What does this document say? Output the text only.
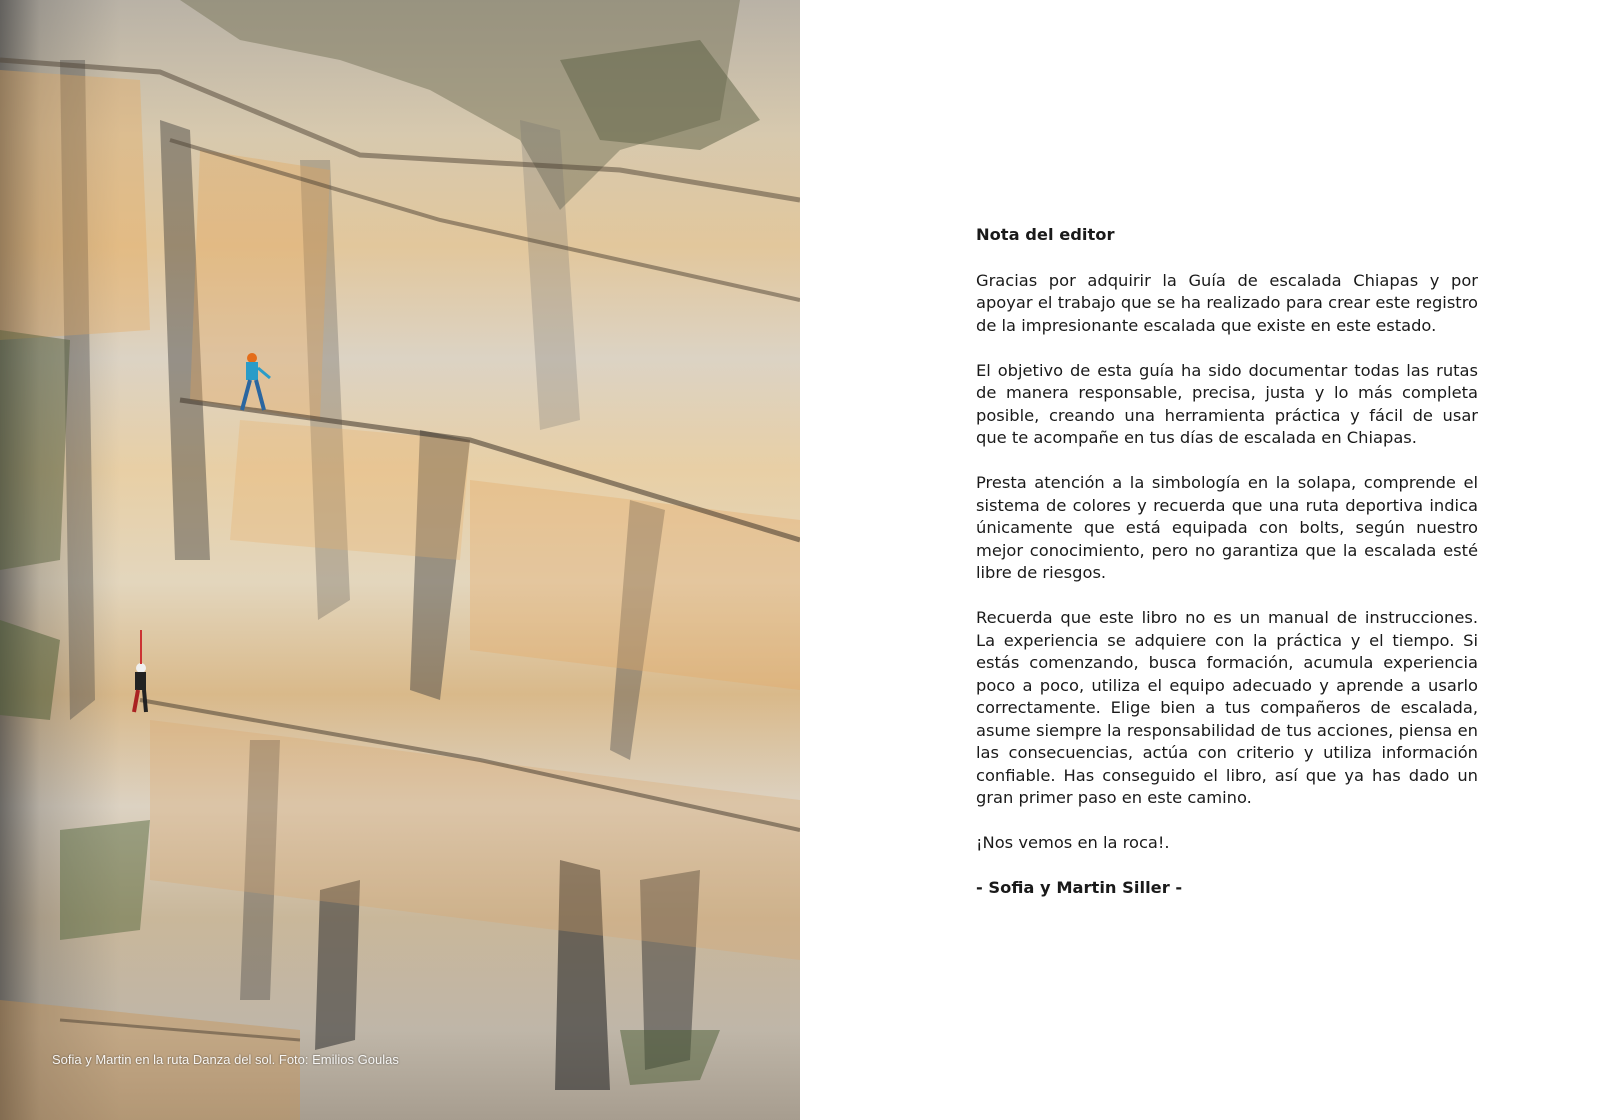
Sofia y Martin en la ruta Danza del sol. Foto: Emilios Goulas
Nota del editor

Gracias por adquirir la Guía de escalada Chiapas y por apoyar el trabajo que se ha realizado para crear este registro de la impresionante escalada que existe en este estado.

El objetivo de esta guía ha sido documentar todas las rutas de manera responsable, precisa, justa y lo más completa posible, creando una herramienta práctica y fácil de usar que te acompañe en tus días de escalada en Chiapas.

Presta atención a la simbología en la solapa, comprende el sistema de colores y recuerda que una ruta deportiva indica únicamente que está equipada con bolts, según nuestro mejor conocimiento, pero no garantiza que la escalada esté libre de riesgos.

Recuerda que este libro no es un manual de instrucciones. La experiencia se adquiere con la práctica y el tiempo. Si estás comenzando, busca formación, acumula experiencia poco a poco, utiliza el equipo adecuado y aprende a usarlo correctamente. Elige bien a tus compañeros de escalada, asume siempre la responsabilidad de tus acciones, piensa en las consecuencias, actúa con criterio y utiliza información confiable. Has conseguido el libro, así que ya has dado un gran primer paso en este camino.

¡Nos vemos en la roca!.

- Sofia y Martin Siller -
